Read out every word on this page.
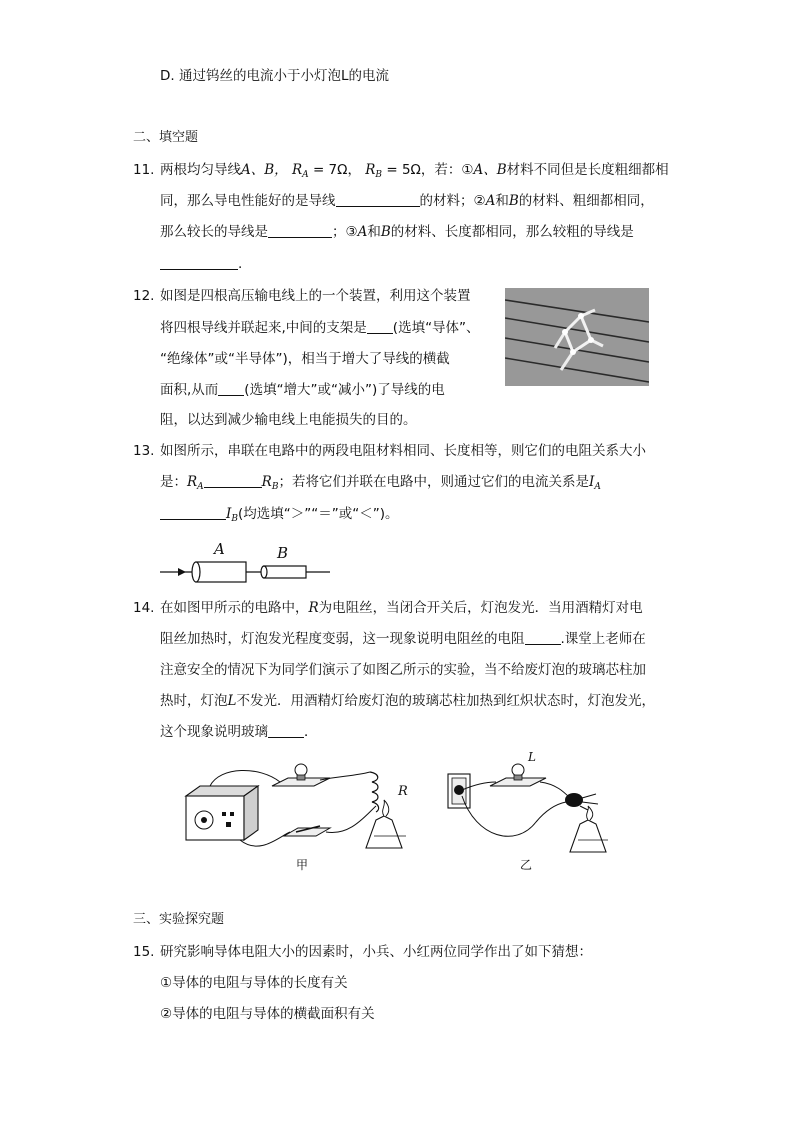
D. 通过钨丝的电流小于小灯泡L的电流
二、填空题
11. 两根均匀导线A、B， $R_A = 7\Omega$， $R_B = 5\Omega$，若：①A、B材料不同但是长度粗细都相
同，那么导电性能好的是导线	的材料；②A和B的材料、粗细都相同，
那么较长的导线是	；③A和B的材料、长度都相同，那么较粗的导线是
.
12. 如图是四根高压输电线上的一个装置，利用这个装置
将四根导线并联起来,中间的支架是 (选填“导体”、
“绝缘体”或“半导体”)，相当于增大了导线的横截
面积,从而 (选填“增大”或“减小”)了导线的电
阻，以达到减少输电线上电能损失的目的。
13. 如图所示，串联在电路中的两段电阻材料相同、长度相等，则它们的电阻关系大小
是：$R_A$	$R_B$；若将它们并联在电路中，则通过它们的电流关系是$I_A$
$I_B$(均选填“＞”“＝”或“＜”)。
A	B
14. 在如图甲所示的电路中，R为电阻丝，当闭合开关后，灯泡发光．当用酒精灯对电
阻丝加热时，灯泡发光程度变弱，这一现象说明电阻丝的电阻	.课堂上老师在
注意安全的情况下为同学们演示了如图乙所示的实验，当不给废灯泡的玻璃芯柱加
热时，灯泡L不发光．用酒精灯给废灯泡的玻璃芯柱加热到红炽状态时，灯泡发光，
这个现象说明玻璃	．
R
甲
L
乙
三、实验探究题
15. 研究影响导体电阻大小的因素时，小兵、小红两位同学作出了如下猜想：
①导体的电阻与导体的长度有关
②导体的电阻与导体的横截面积有关
